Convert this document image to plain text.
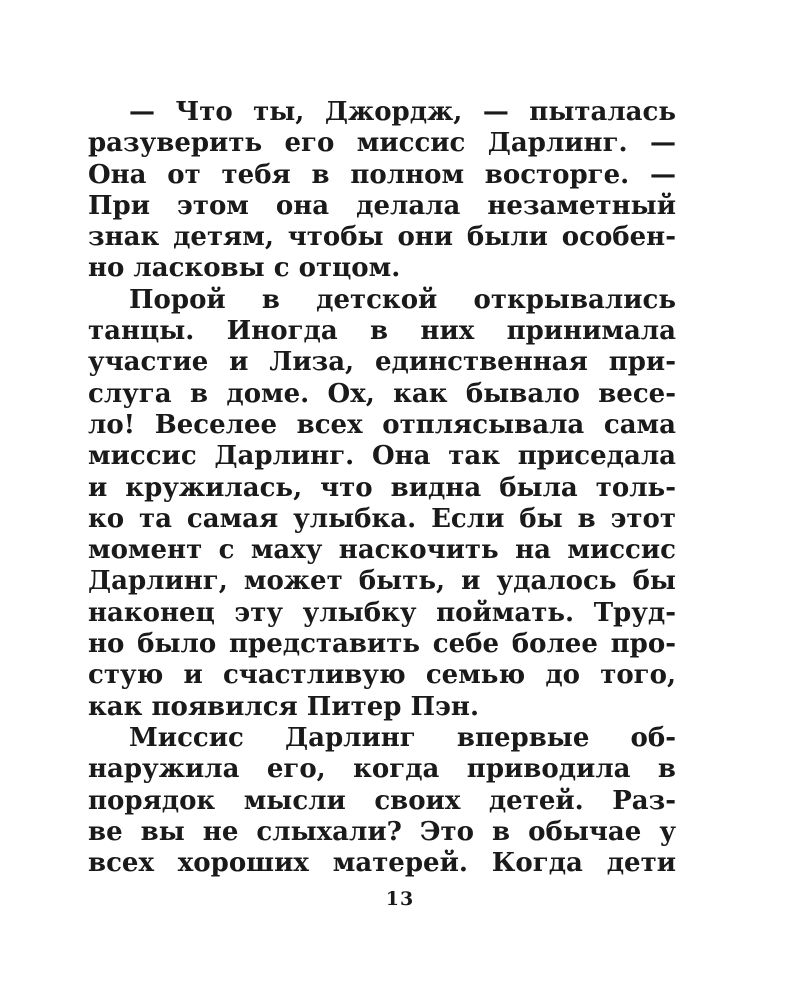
— Что ты, Джордж, — пыталась
разуверить его миссис Дарлинг. —
Она от тебя в полном восторге. —
При этом она делала незаметный
знак детям, чтобы они были особен-
но ласковы с отцом.
Порой в детской открывались
танцы. Иногда в них принимала
участие и Лиза, единственная при-
слуга в доме. Ох, как бывало весе-
ло! Веселее всех отплясывала сама
миссис Дарлинг. Она так приседала
и кружилась, что видна была толь-
ко та самая улыбка. Если бы в этот
момент с маху наскочить на миссис
Дарлинг, может быть, и удалось бы
наконец эту улыбку поймать. Труд-
но было представить себе более про-
стую и счастливую семью до того,
как появился Питер Пэн.
Миссис Дарлинг впервые об-
наружила его, когда приводила в
порядок мысли своих детей. Раз-
ве вы не слыхали? Это в обычае у
всех хороших матерей. Когда дети
13
